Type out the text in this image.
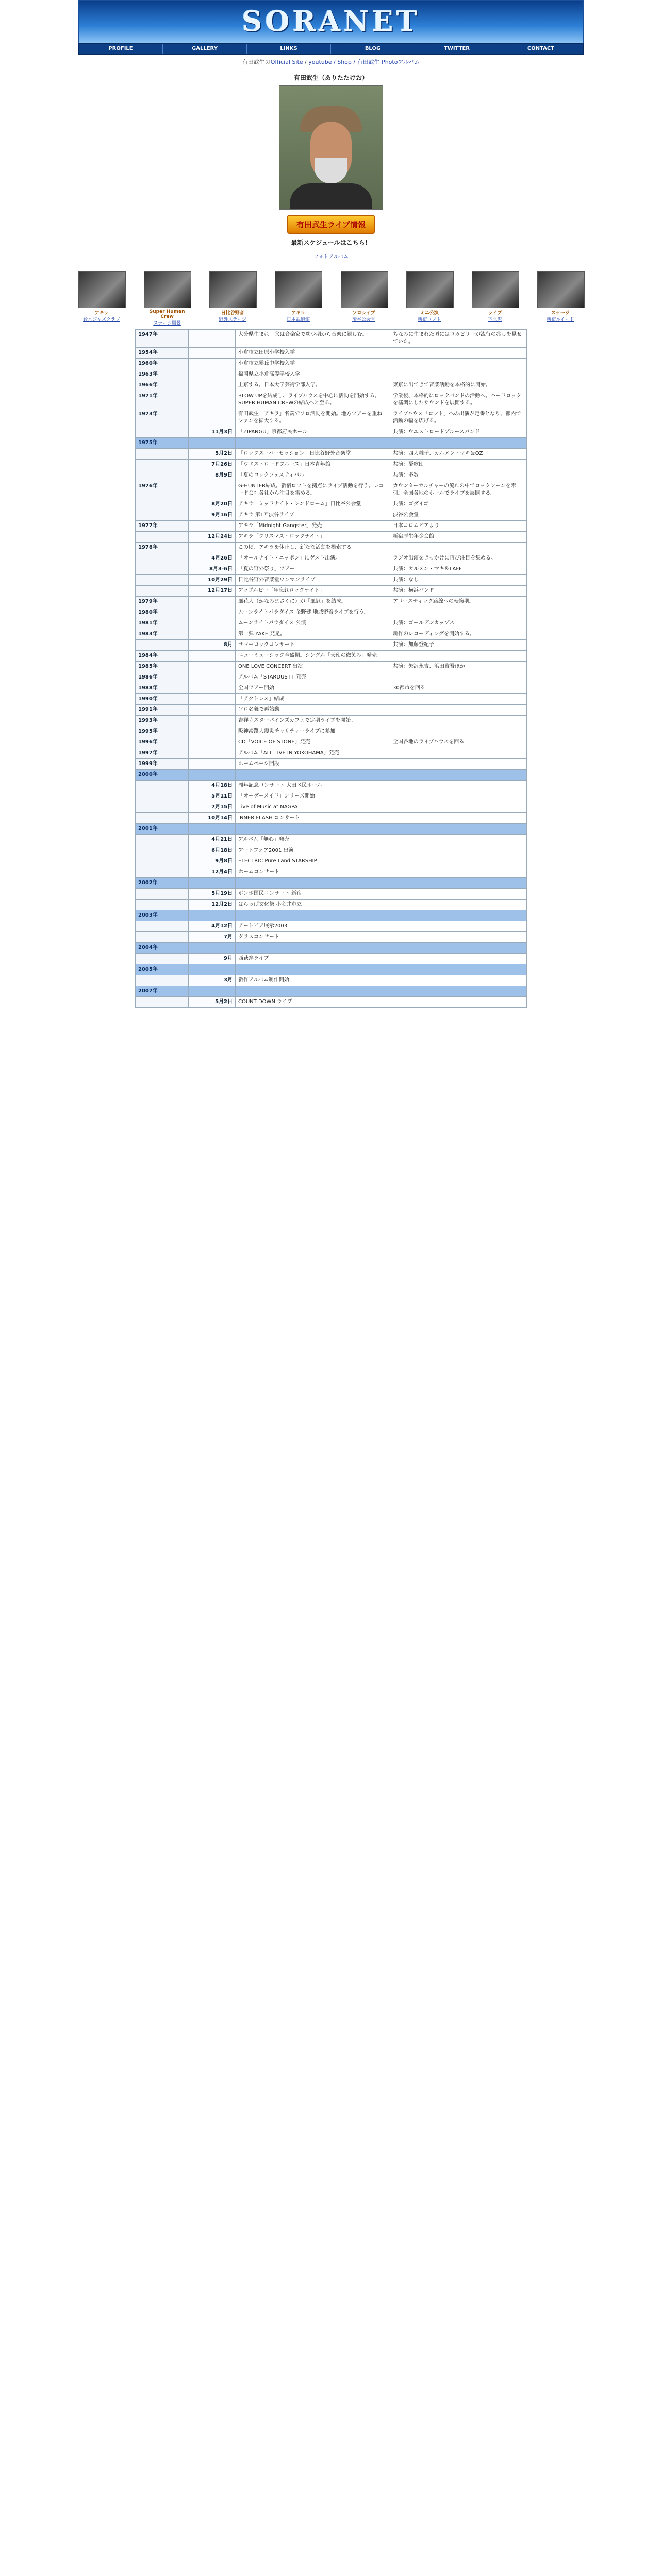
SORANET
PROFILE	GALLERY	LINKS	BLOG	TWITTER	CONTACT
有田武生のOfficial Site / youtube / Shop / 有田武生 Photoアルバム
有田武生（ありたたけお）
有田武生ライブ情報
最新スケジュールはこちら！
フォトアルバム
アキラ
鈴木ジャズクラブ
Super Human Crew
ステージ風景
日比谷野音
野外ステージ
アキラ
日本武道館
ソロライブ
渋谷公会堂
ミニ公演
新宿ロフト
ライブ
下北沢
ステージ
新宿ルイード
1947年		大分県生まれ。父は音楽家で幼少期から音楽に親しむ。	ちなみに生まれた頃にはロカビリーが流行の兆しを見せていた。
1954年		小倉市立田原小学校入学	
1960年		小倉市立霧丘中学校入学	
1963年		福岡県立小倉高等学校入学	
1966年		上京する。日本大学芸術学部入学。	東京に出てきて音楽活動を本格的に開始。
1971年		BLOW UPを結成し、ライブハウスを中心に活動を開始する。SUPER HUMAN CREWの結成へと至る。	学業後、本格的にロックバンドの活動へ。ハードロックを基調にしたサウンドを展開する。
1973年		有田武生「アキラ」名義でソロ活動を開始。地方ツアーを重ねファンを拡大する。	ライブハウス「ロフト」への出演が定番となり、都内で活動の幅を広げる。
	11月3日	「ZIPANGU」京都府民ホール	共演：ウエストロードブルースバンド
1975年			
	5月2日	「ロックスーパーセッション」日比谷野外音楽堂	共演：四人囃子、カルメン・マキ＆OZ
	7月26日	「ウエストロードブルース」日本青年館	共演：憂歌団
	8月9日	「夏のロックフェスティバル」	共演：多数
1976年		G-HUNTER結成。新宿ロフトを拠点にライブ活動を行う。レコード会社各社から注目を集める。	カウンターカルチャーの流れの中でロックシーンを牽引。全国各地のホールでライブを展開する。
	8月20日	アキラ「ミッドナイト・シンドローム」日比谷公会堂	共演：ゴダイゴ
	9月16日	アキラ 第1回渋谷ライブ	渋谷公会堂
1977年		アキラ「Midnight Gangster」発売	日本コロムビアより
	12月24日	アキラ「クリスマス・ロックナイト」	新宿厚生年金会館
1978年		この頃、アキラを休止し、新たな活動を模索する。	
	4月26日	「オールナイト・ニッポン」にゲスト出演。	ラジオ出演をきっかけに再び注目を集める。
	8月3-6日	「夏の野外祭り」ツアー	共演：カルメン・マキ＆LAFF
	10月29日	日比谷野外音楽堂ワンマンライブ	共演：なし
	12月17日	アップルビー「年忘れロックナイト」	共演：横浜バンド
1979年		風花人（かなみまさくに）が「風冠」を結成。	アコースティック路線への転換期。
1980年		ムーンライトパラダイス 金野健 地域密着ライブを行う。	
1981年		ムーンライトパラダイス 公演	共演：ゴールデンカップス
1983年		第一弾 YAKE 発足。	新作のレコーディングを開始する。
	8月	サマーロックコンサート	共演：加藤登紀子
1984年		ニューミュージック全盛期。シングル「天使の微笑み」発売。	
1985年		ONE LOVE CONCERT 出演	共演：矢沢永吉、浜田省吾ほか
1986年		アルバム「STARDUST」発売	
1988年		全国ツアー開始	30都市を回る
1990年		「アクトレス」結成	
1991年		ソロ名義で再始動	
1993年		吉祥寺スターパインズカフェで定期ライブを開始。	
1995年		阪神淡路大震災チャリティーライブに参加	
1996年		CD「VOICE OF STONE」発売	全国各地のライブハウスを回る
1997年		アルバム「ALL LIVE IN YOKOHAMA」発売	
1999年		ホームページ開設	
2000年			
	4月18日	周年記念コンサート 大田区民ホール	
	5月11日	「オーダーメイド」シリーズ開始	
	7月15日	Live of Music at NAGPA	
	10月14日	INNER FLASH コンサート	
2001年			
	4月21日	アルバム「無心」発売	
	6月18日	アートフェア2001 出演	
	9月8日	ELECTRIC Pure Land STARSHIP	
	12月4日	ホームコンサート	
2002年			
	5月19日	ボンボ国民コンサート 新宿	
	12月2日	はらっぱ文化祭 小金井市立	
2003年			
	4月12日	アートピア展示2003	
	7月	グラスコンサート	
2004年			
	9月	西荻窪ライブ	
2005年			
	3月	新作アルバム制作開始	
2007年			
	5月2日	COUNT DOWN ライブ	
